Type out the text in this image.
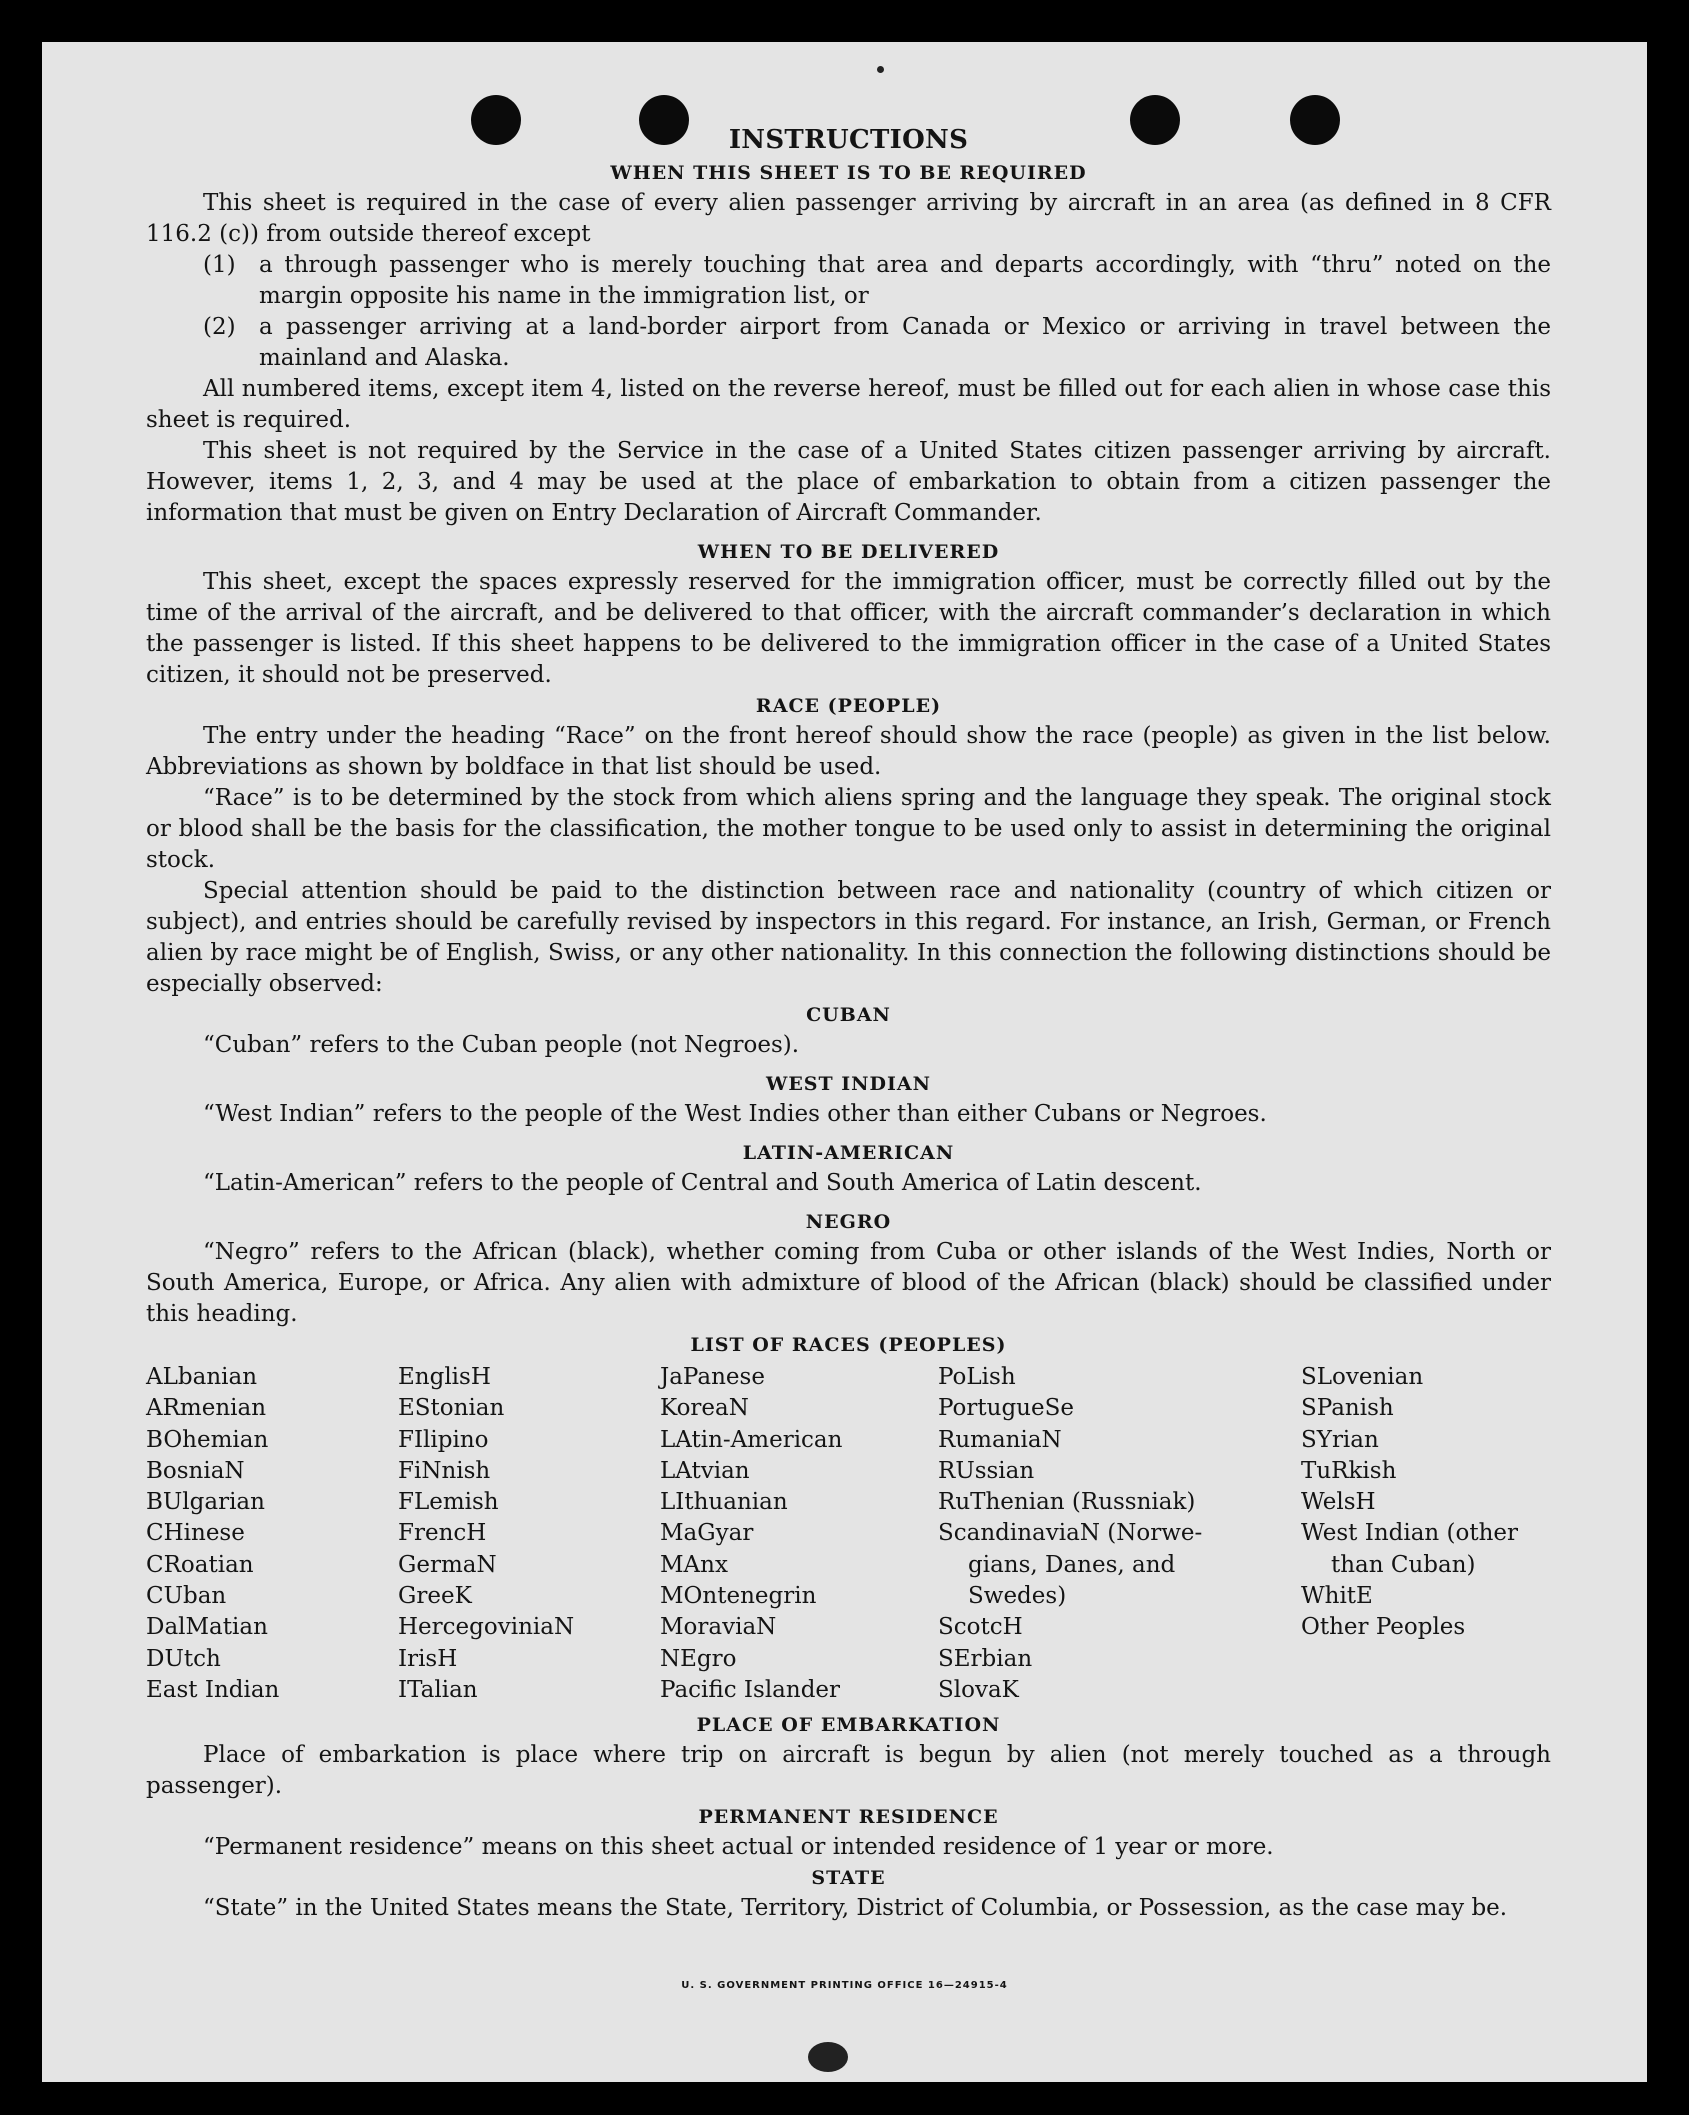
INSTRUCTIONS
WHEN THIS SHEET IS TO BE REQUIRED
This sheet is required in the case of every alien passenger arriving by aircraft in an area (as defined in 8 CFR 116.2 (c)) from outside thereof except
(1)	a through passenger who is merely touching that area and departs accordingly, with “thru” noted on the margin opposite his name in the immigration list, or
(2)	a passenger arriving at a land-border airport from Canada or Mexico or arriving in travel between the mainland and Alaska.
All numbered items, except item 4, listed on the reverse hereof, must be filled out for each alien in whose case this sheet is required.
This sheet is not required by the Service in the case of a United States citizen passenger arriving by aircraft. However, items 1, 2, 3, and 4 may be used at the place of embarkation to obtain from a citizen passenger the information that must be given on Entry Declaration of Aircraft Commander.
WHEN TO BE DELIVERED
This sheet, except the spaces expressly reserved for the immigration officer, must be correctly filled out by the time of the arrival of the aircraft, and be delivered to that officer, with the aircraft commander’s declaration in which the passenger is listed. If this sheet happens to be delivered to the immigration officer in the case of a United States citizen, it should not be preserved.
RACE (PEOPLE)
The entry under the heading “Race” on the front hereof should show the race (people) as given in the list below. Abbreviations as shown by boldface in that list should be used.
“Race” is to be determined by the stock from which aliens spring and the language they speak. The original stock or blood shall be the basis for the classification, the mother tongue to be used only to assist in determining the original stock.
Special attention should be paid to the distinction between race and nationality (country of which citizen or subject), and entries should be carefully revised by inspectors in this regard. For instance, an Irish, German, or French alien by race might be of English, Swiss, or any other nationality. In this connection the following distinctions should be especially observed:
CUBAN
“Cuban” refers to the Cuban people (not Negroes).
WEST INDIAN
“West Indian” refers to the people of the West Indies other than either Cubans or Negroes.
LATIN-AMERICAN
“Latin-American” refers to the people of Central and South America of Latin descent.
NEGRO
“Negro” refers to the African (black), whether coming from Cuba or other islands of the West Indies, North or South America, Europe, or Africa. Any alien with admixture of blood of the African (black) should be classified under this heading.
LIST OF RACES (PEOPLES)
ALbanian
ARmenian
BOhemian
BosniaN
BUlgarian
CHinese
CRoatian
CUban
DalMatian
DUtch
East Indian
EnglisH
EStonian
FIlipino
FiNnish
FLemish
FrencH
GermaN
GreeK
HercegoviniaN
IrisH
ITalian
JaPanese
KoreaN
LAtin-American
LAtvian
LIthuanian
MaGyar
MAnx
MOntenegrin
MoraviaN
NEgro
Pacific Islander
PoLish
PortugueSe
RumaniaN
RUssian
RuThenian (Russniak)
ScandinaviaN (Norwe-
gians, Danes, and
Swedes)
ScotcH
SErbian
SlovaK
SLovenian
SPanish
SYrian
TuRkish
WelsH
West Indian (other
than Cuban)
WhitE
Other Peoples
PLACE OF EMBARKATION
Place of embarkation is place where trip on aircraft is begun by alien (not merely touched as a through passenger).
PERMANENT RESIDENCE
“Permanent residence” means on this sheet actual or intended residence of 1 year or more.
STATE
“State” in the United States means the State, Territory, District of Columbia, or Possession, as the case may be.
U. S. GOVERNMENT PRINTING OFFICE 16—24915-4
